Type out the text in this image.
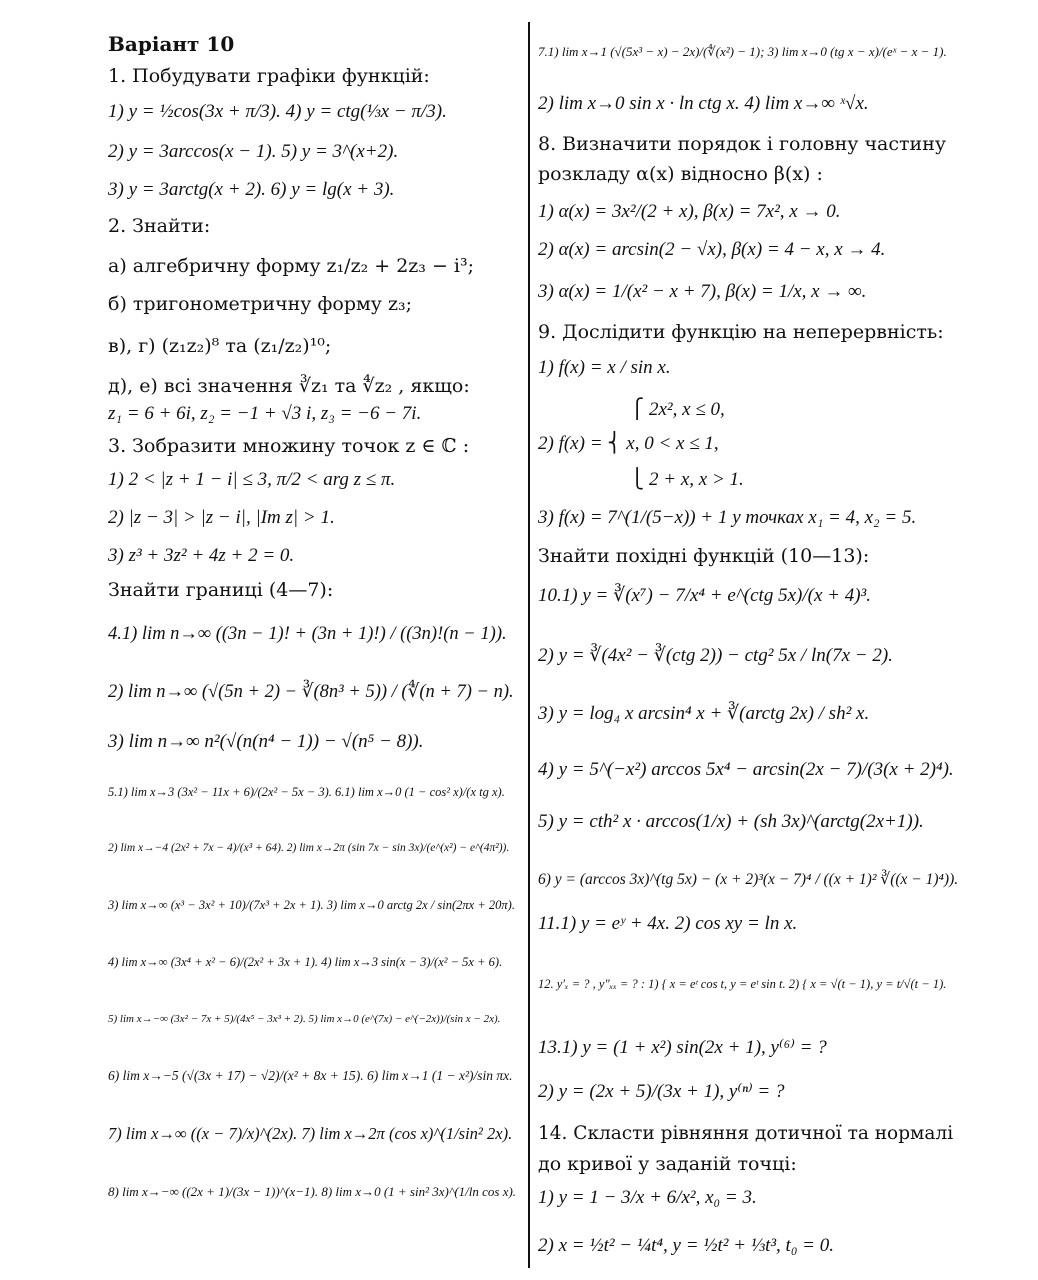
Варіант 10
1. Побудувати графіки функцій:
1) y = ½cos(3x + π/3). 4) y = ctg(⅓x − π/3).
2) y = 3arccos(x − 1). 5) y = 3^(x+2).
3) y = 3arctg(x + 2). 6) y = lg(x + 3).
2. Знайти:
а) алгебричну форму z₁/z₂ + 2z₃ − i³;
б) тригонометричну форму z₃;
в), г) (z₁z₂)⁸ та (z₁/z₂)¹⁰;
д), е) всі значення ∛z₁ та ∜z₂ , якщо:
z₁ = 6 + 6i, z₂ = −1 + √3 i, z₃ = −6 − 7i.
3. Зобразити множину точок z ∈ ℂ :
1) 2 < |z + 1 − i| ≤ 3, π/2 < arg z ≤ π.
2) |z − 3| > |z − i|, |Im z| > 1.
3) z³ + 3z² + 4z + 2 = 0.
Знайти границі (4—7):
4.1) lim n→∞ ((3n − 1)! + (3n + 1)!) / ((3n)!(n − 1)).
2) lim n→∞ (√(5n + 2) − ∛(8n³ + 5)) / (∜(n + 7) − n).
3) lim n→∞ n²(√(n(n⁴ − 1)) − √(n⁵ − 8)).
5.1) lim x→3 (3x² − 11x + 6)/(2x² − 5x − 3). 6.1) lim x→0 (1 − cos² x)/(x tg x).
2) lim x→−4 (2x² + 7x − 4)/(x³ + 64). 2) lim x→2π (sin 7x − sin 3x)/(e^(x²) − e^(4π²)).
3) lim x→∞ (x³ − 3x² + 10)/(7x³ + 2x + 1). 3) lim x→0 arctg 2x / sin(2πx + 20π).
4) lim x→∞ (3x⁴ + x² − 6)/(2x² + 3x + 1). 4) lim x→3 sin(x − 3)/(x² − 5x + 6).
5) lim x→−∞ (3x² − 7x + 5)/(4x⁵ − 3x³ + 2). 5) lim x→0 (e^(7x) − e^(−2x))/(sin x − 2x).
6) lim x→−5 (√(3x + 17) − √2)/(x² + 8x + 15). 6) lim x→1 (1 − x²)/sin πx.
7) lim x→∞ ((x − 7)/x)^(2x). 7) lim x→2π (cos x)^(1/sin² 2x).
8) lim x→−∞ ((2x + 1)/(3x − 1))^(x−1). 8) lim x→0 (1 + sin² 3x)^(1/ln cos x).
7.1) lim x→1 (√(5x³ − x) − 2x)/(∜(x²) − 1); 3) lim x→0 (tg x − x)/(eˣ − x − 1).
2) lim x→0 sin x · ln ctg x. 4) lim x→∞ ˣ√x.
8. Визначити порядок і головну частину
розкладу α(x) відносно β(x) :
1) α(x) = 3x²/(2 + x), β(x) = 7x², x → 0.
2) α(x) = arcsin(2 − √x), β(x) = 4 − x, x → 4.
3) α(x) = 1/(x² − x + 7), β(x) = 1/x, x → ∞.
9. Дослідити функцію на неперервність:
1) f(x) = x / sin x.
⎧ 2x², x ≤ 0,
2) f(x) = ⎨ x, 0 < x ≤ 1,
⎩ 2 + x, x > 1.
3) f(x) = 7^(1/(5−x)) + 1 у точках x₁ = 4, x₂ = 5.
Знайти похідні функцій (10—13):
10.1) y = ∛(x⁷) − 7/x⁴ + e^(ctg 5x)/(x + 4)³.
2) y = ∛(4x² − ∛(ctg 2)) − ctg² 5x / ln(7x − 2).
3) y = log₄ x arcsin⁴ x + ∛(arctg 2x) / sh² x.
4) y = 5^(−x²) arccos 5x⁴ − arcsin(2x − 7)/(3(x + 2)⁴).
5) y = cth² x · arccos(1/x) + (sh 3x)^(arctg(2x+1)).
6) y = (arccos 3x)^(tg 5x) − (x + 2)³(x − 7)⁴ / ((x + 1)² ∛((x − 1)⁴)).
11.1) y = eʸ + 4x. 2) cos xy = ln x.
12. y′ₓ = ? , y″ₓₓ = ? : 1) { x = eᵗ cos t, y = eᵗ sin t. 2) { x = √(t − 1), y = t/√(t − 1).
13.1) y = (1 + x²) sin(2x + 1), y⁽⁶⁾ = ?
2) y = (2x + 5)/(3x + 1), y⁽ⁿ⁾ = ?
14. Скласти рівняння дотичної та нормалі
до кривої у заданій точці:
1) y = 1 − 3/x + 6/x², x₀ = 3.
2) x = ½t² − ¼t⁴, y = ½t² + ⅓t³, t₀ = 0.
